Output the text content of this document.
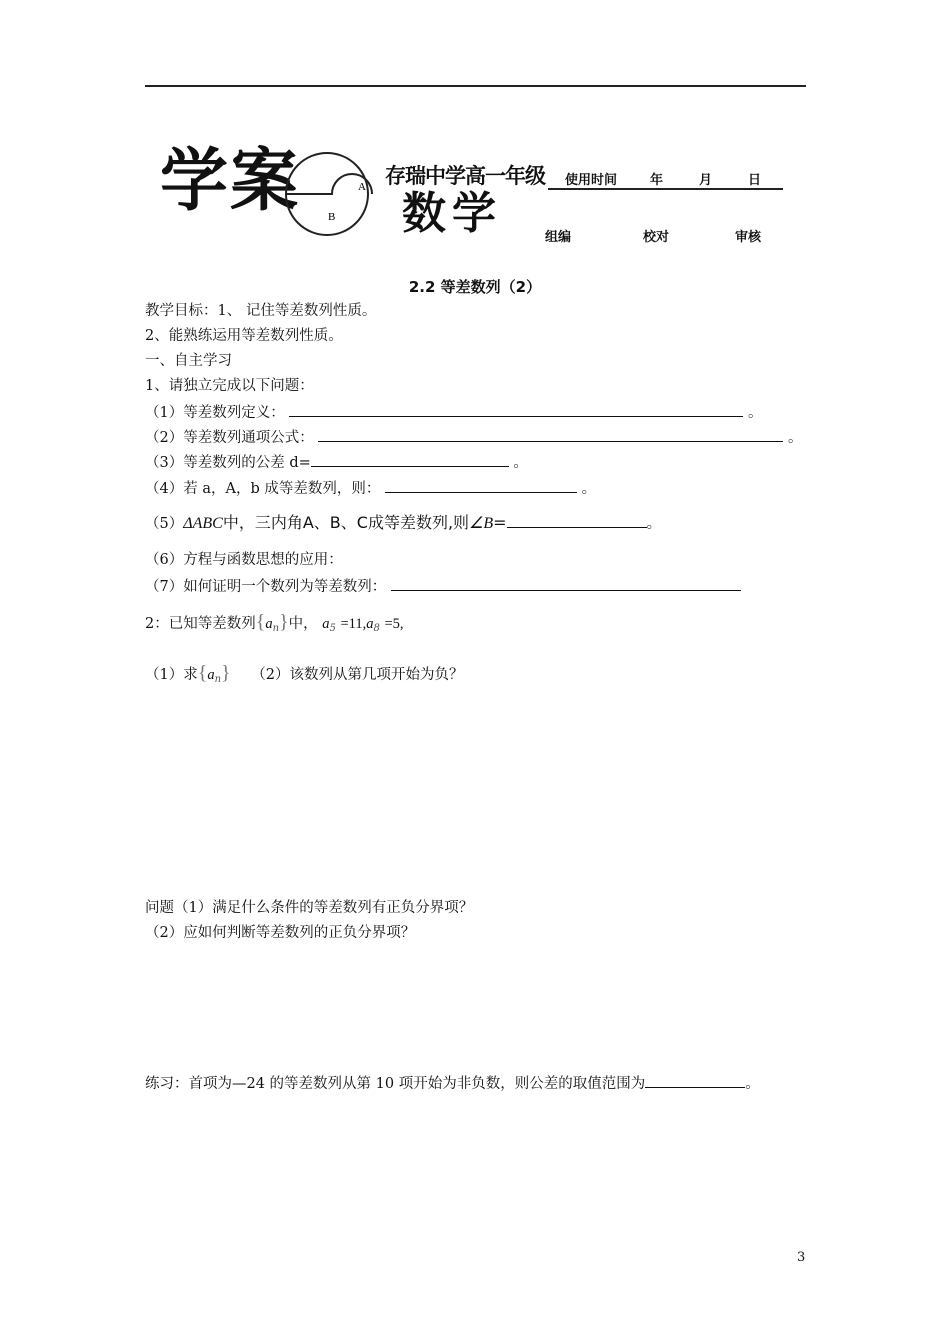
学案	A
B
存瑞中学高一年级
数学
使用时间	年	月	日
组编	校对	审核
2.2 等差数列（2）
教学目标：1、 记住等差数列性质。
2、能熟练运用等差数列性质。
一、自主学习
1、请独立完成以下问题：
（1）等差数列定义：	。
（2）等差数列通项公式：	。
（3）等差数列的公差 d=	。
（4）若 a，A，b 成等差数列，则：	。
（5）ΔABC中，三内角A、B、C成等差数列,则∠B=	。
（6）方程与函数思想的应用：
（7）如何证明一个数列为等差数列：
2：已知等差数列$\{a_n\}$中， $a_5 =11,a_8 =5$,
（1）求$\{a_n\}$ （2）该数列从第几项开始为负？
问题（1）满足什么条件的等差数列有正负分界项？
（2）应如何判断等差数列的正负分界项？
练习：首项为—24 的等差数列从第 10 项开始为非负数，则公差的取值范围为	。
3
